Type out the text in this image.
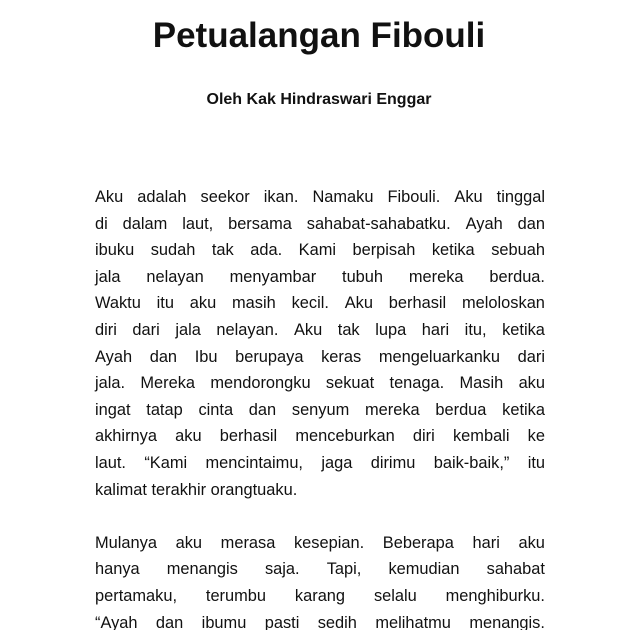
Petualangan Fibouli
Oleh Kak Hindraswari Enggar
Aku adalah seekor ikan. Namaku Fibouli. Aku tinggal
di dalam laut, bersama sahabat-sahabatku. Ayah dan
ibuku sudah tak ada. Kami berpisah ketika sebuah
jala nelayan menyambar tubuh mereka berdua.
Waktu itu aku masih kecil. Aku berhasil meloloskan
diri dari jala nelayan. Aku tak lupa hari itu, ketika
Ayah dan Ibu berupaya keras mengeluarkanku dari
jala. Mereka mendorongku sekuat tenaga. Masih aku
ingat tatap cinta dan senyum mereka berdua ketika
akhirnya aku berhasil menceburkan diri kembali ke
laut. “Kami mencintaimu, jaga dirimu baik-baik,” itu
kalimat terakhir orangtuaku.
Mulanya aku merasa kesepian. Beberapa hari aku
hanya menangis saja. Tapi, kemudian sahabat
pertamaku, terumbu karang selalu menghiburku.
“Ayah dan ibumu pasti sedih melihatmu menangis.
